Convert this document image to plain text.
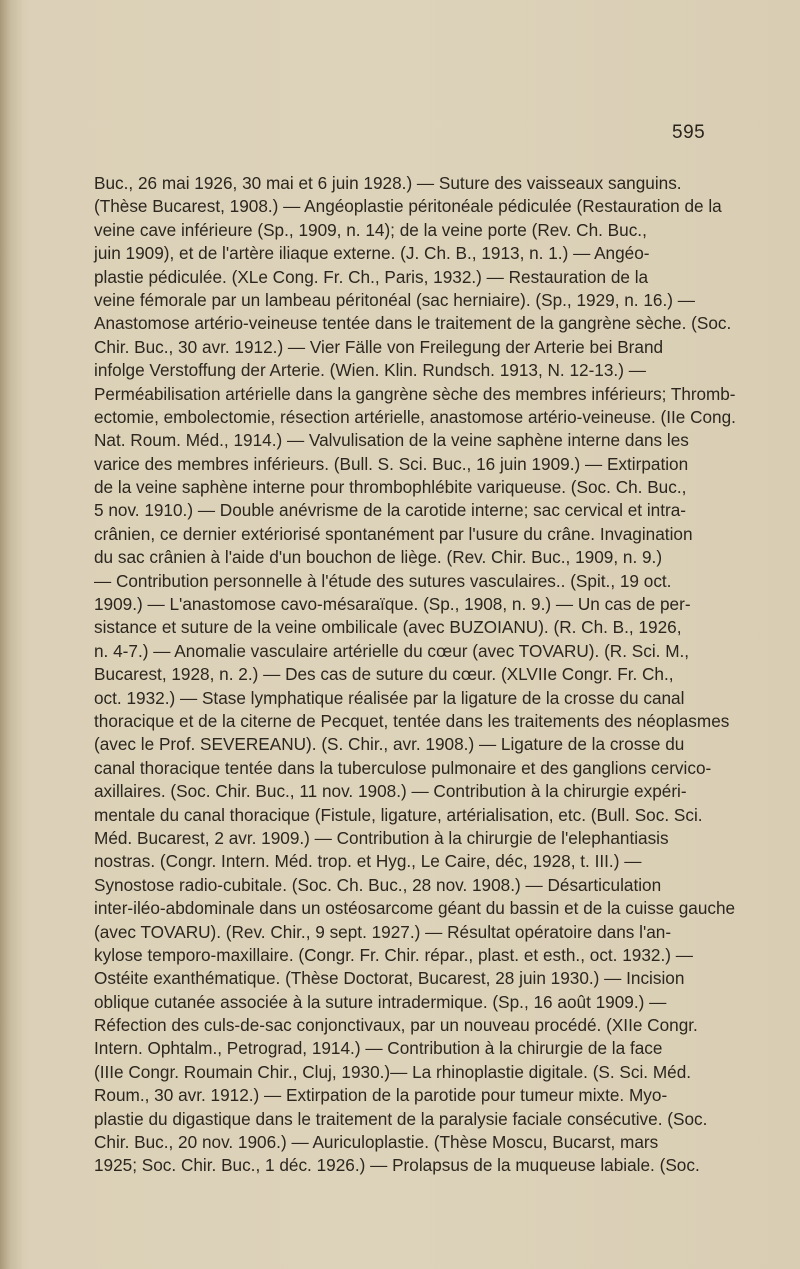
595
Buc., 26 mai 1926, 30 mai et 6 juin 1928.) — Suture des vaisseaux sanguins.
(Thèse Bucarest, 1908.) — Angéoplastie péritonéale pédiculée (Restauration de la
veine cave inférieure (Sp., 1909, n. 14); de la veine porte (Rev. Ch. Buc.,
juin 1909), et de l'artère iliaque externe. (J. Ch. B., 1913, n. 1.) — Angéo-
plastie pédiculée. (XLe Cong. Fr. Ch., Paris, 1932.) — Restauration de la
veine fémorale par un lambeau péritonéal (sac herniaire). (Sp., 1929, n. 16.) —
Anastomose artério-veineuse tentée dans le traitement de la gangrène sèche. (Soc.
Chir. Buc., 30 avr. 1912.) — Vier Fälle von Freilegung der Arterie bei Brand
infolge Verstoffung der Arterie. (Wien. Klin. Rundsch. 1913, N. 12-13.) —
Perméabilisation artérielle dans la gangrène sèche des membres inférieurs; Thromb-
ectomie, embolectomie, résection artérielle, anastomose artério-veineuse. (IIe Cong.
Nat. Roum. Méd., 1914.) — Valvulisation de la veine saphène interne dans les
varice des membres inférieurs. (Bull. S. Sci. Buc., 16 juin 1909.) — Extirpation
de la veine saphène interne pour thrombophlébite variqueuse. (Soc. Ch. Buc.,
5 nov. 1910.) — Double anévrisme de la carotide interne; sac cervical et intra-
crânien, ce dernier extériorisé spontanément par l'usure du crâne. Invagination
du sac crânien à l'aide d'un bouchon de liège. (Rev. Chir. Buc., 1909, n. 9.)
— Contribution personnelle à l'étude des sutures vasculaires.. (Spit., 19 oct.
1909.) — L'anastomose cavo-mésaraïque. (Sp., 1908, n. 9.) — Un cas de per-
sistance et suture de la veine ombilicale (avec BUZOIANU). (R. Ch. B., 1926,
n. 4-7.) — Anomalie vasculaire artérielle du cœur (avec TOVARU). (R. Sci. M.,
Bucarest, 1928, n. 2.) — Des cas de suture du cœur. (XLVIIe Congr. Fr. Ch.,
oct. 1932.) — Stase lymphatique réalisée par la ligature de la crosse du canal
thoracique et de la citerne de Pecquet, tentée dans les traitements des néoplasmes
(avec le Prof. SEVEREANU). (S. Chir., avr. 1908.) — Ligature de la crosse du
canal thoracique tentée dans la tuberculose pulmonaire et des ganglions cervico-
axillaires. (Soc. Chir. Buc., 11 nov. 1908.) — Contribution à la chirurgie expéri-
mentale du canal thoracique (Fistule, ligature, artérialisation, etc. (Bull. Soc. Sci.
Méd. Bucarest, 2 avr. 1909.) — Contribution à la chirurgie de l'elephantiasis
nostras. (Congr. Intern. Méd. trop. et Hyg., Le Caire, déc, 1928, t. III.) —
Synostose radio-cubitale. (Soc. Ch. Buc., 28 nov. 1908.) — Désarticulation
inter-iléo-abdominale dans un ostéosarcome géant du bassin et de la cuisse gauche
(avec TOVARU). (Rev. Chir., 9 sept. 1927.) — Résultat opératoire dans l'an-
kylose temporo-maxillaire. (Congr. Fr. Chir. répar., plast. et esth., oct. 1932.) —
Ostéite exanthématique. (Thèse Doctorat, Bucarest, 28 juin 1930.) — Incision
oblique cutanée associée à la suture intradermique. (Sp., 16 août 1909.) —
Réfection des culs-de-sac conjonctivaux, par un nouveau procédé. (XIIe Congr.
Intern. Ophtalm., Petrograd, 1914.) — Contribution à la chirurgie de la face
(IIIe Congr. Roumain Chir., Cluj, 1930.)— La rhinoplastie digitale. (S. Sci. Méd.
Roum., 30 avr. 1912.) — Extirpation de la parotide pour tumeur mixte. Myo-
plastie du digastique dans le traitement de la paralysie faciale consécutive. (Soc.
Chir. Buc., 20 nov. 1906.) — Auriculoplastie. (Thèse Moscu, Bucarst, mars
1925; Soc. Chir. Buc., 1 déc. 1926.) — Prolapsus de la muqueuse labiale. (Soc.
